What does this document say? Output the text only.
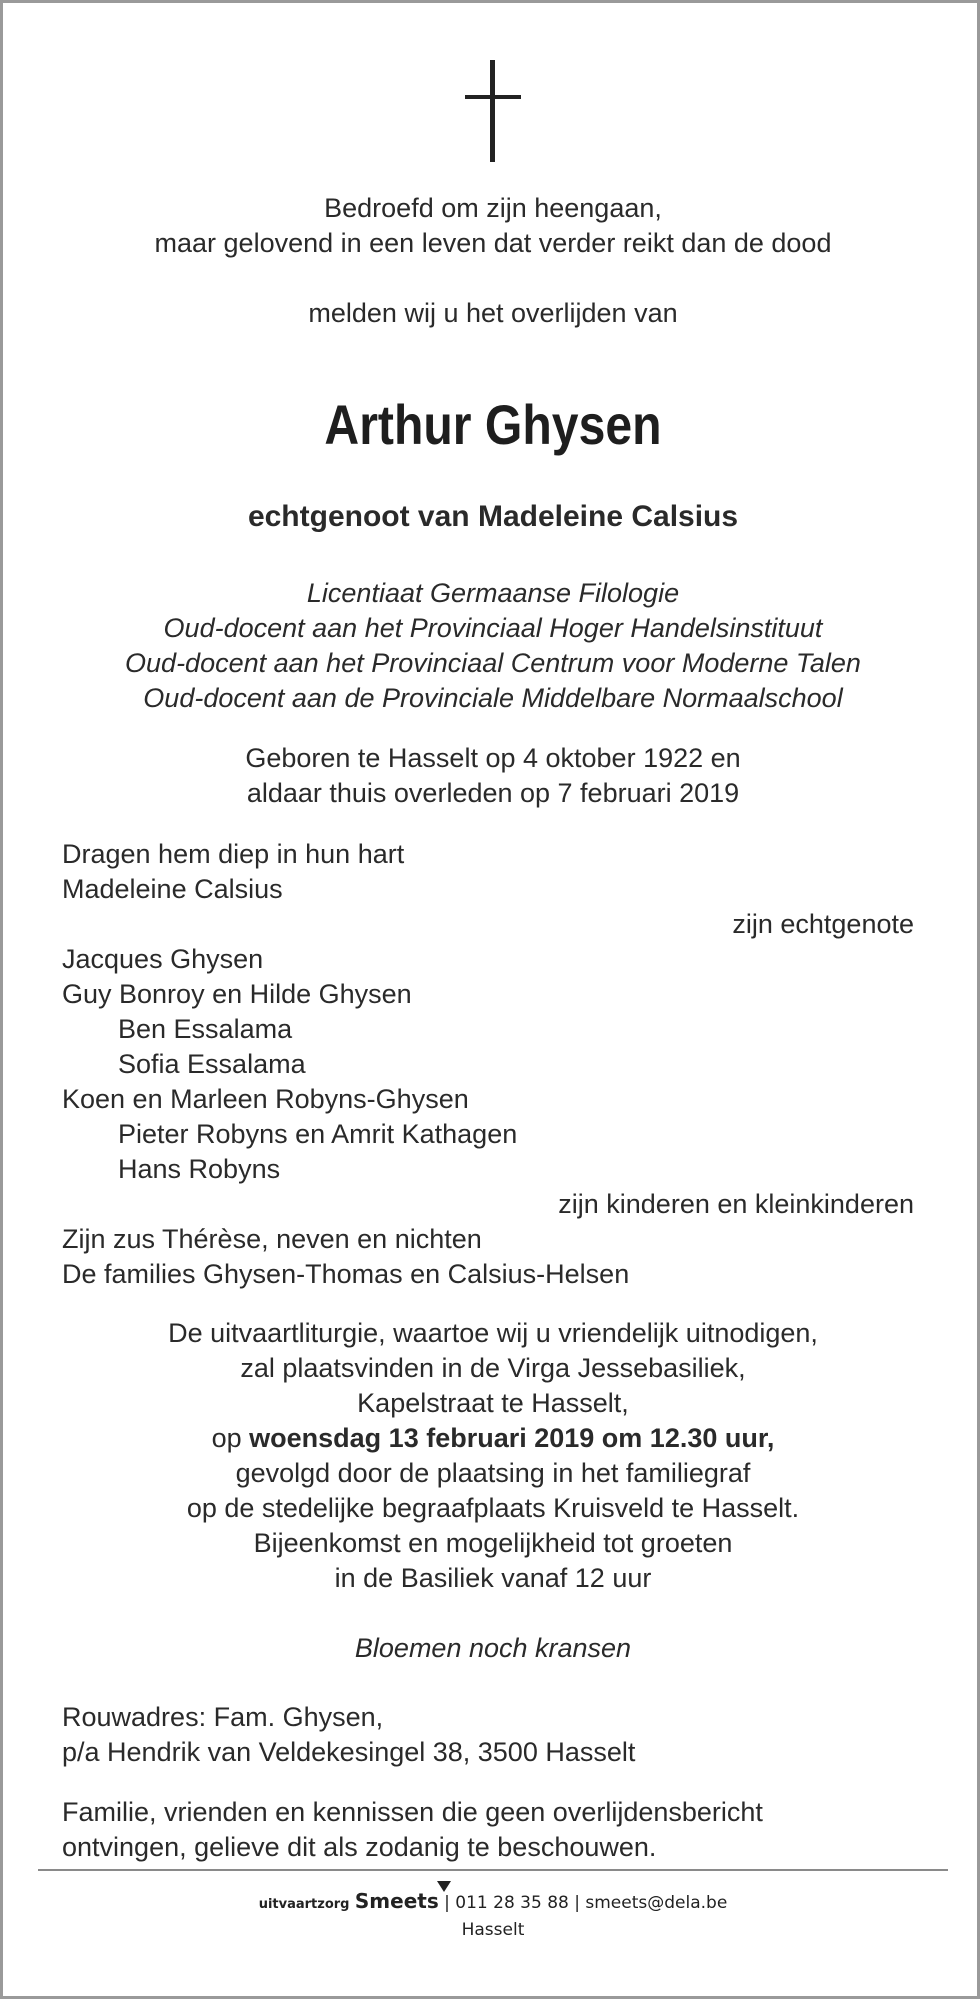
Bedroefd om zijn heengaan,
maar gelovend in een leven dat verder reikt dan de dood
melden wij u het overlijden van
Arthur Ghysen
echtgenoot van Madeleine Calsius
Licentiaat Germaanse Filologie
Oud-docent aan het Provinciaal Hoger Handelsinstituut
Oud-docent aan het Provinciaal Centrum voor Moderne Talen
Oud-docent aan de Provinciale Middelbare Normaalschool
Geboren te Hasselt op 4 oktober 1922 en
aldaar thuis overleden op 7 februari 2019
Dragen hem diep in hun hart
Madeleine Calsius
zijn echtgenote
Jacques Ghysen
Guy Bonroy en Hilde Ghysen
Ben Essalama
Sofia Essalama
Koen en Marleen Robyns-Ghysen
Pieter Robyns en Amrit Kathagen
Hans Robyns
zijn kinderen en kleinkinderen
Zijn zus Thérèse, neven en nichten
De families Ghysen-Thomas en Calsius-Helsen
De uitvaartliturgie, waartoe wij u vriendelijk uitnodigen,
zal plaatsvinden in de Virga Jessebasiliek,
Kapelstraat te Hasselt,
op woensdag 13 februari 2019 om 12.30 uur,
gevolgd door de plaatsing in het familiegraf
op de stedelijke begraafplaats Kruisveld te Hasselt.
Bijeenkomst en mogelijkheid tot groeten
in de Basiliek vanaf 12 uur
Bloemen noch kransen
Rouwadres: Fam. Ghysen,
p/a Hendrik van Veldekesingel 38, 3500 Hasselt
Familie, vrienden en kennissen die geen overlijdensbericht
ontvingen, gelieve dit als zodanig te beschouwen.
uitvaartzorg Smeets | 011 28 35 88 | smeets@dela.be
Hasselt
